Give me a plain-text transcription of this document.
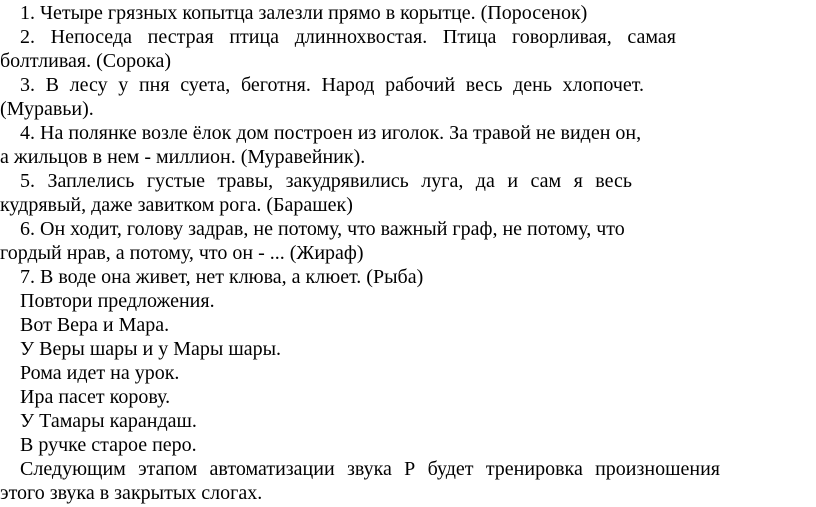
1. Четыре грязных копытца залезли прямо в корытце. (Поросенок)
2. Непоседа пестрая птица длиннохвостая. Птица говорливая, самая
болтливая. (Сорока)
3. В лесу у пня суета, беготня. Народ рабочий весь день хлопочет.
(Муравьи).
4. На полянке возле ёлок дом построен из иголок. За травой не виден он,
а жильцов в нем - миллион. (Муравейник).
5. Заплелись густые травы, закудрявились луга, да и сам я весь
кудрявый, даже завитком рога. (Барашек)
6. Он ходит, голову задрав, не потому, что важный граф, не потому, что
гордый нрав, а потому, что он - ... (Жираф)
7. В воде она живет, нет клюва, а клюет. (Рыба)
Повтори предложения.
Вот Вера и Мара.
У Веры шары и у Мары шары.
Рома идет на урок.
Ира пасет корову.
У Тамары карандаш.
В ручке старое перо.
Следующим этапом автоматизации звука Р будет тренировка произношения
этого звука в закрытых слогах.
